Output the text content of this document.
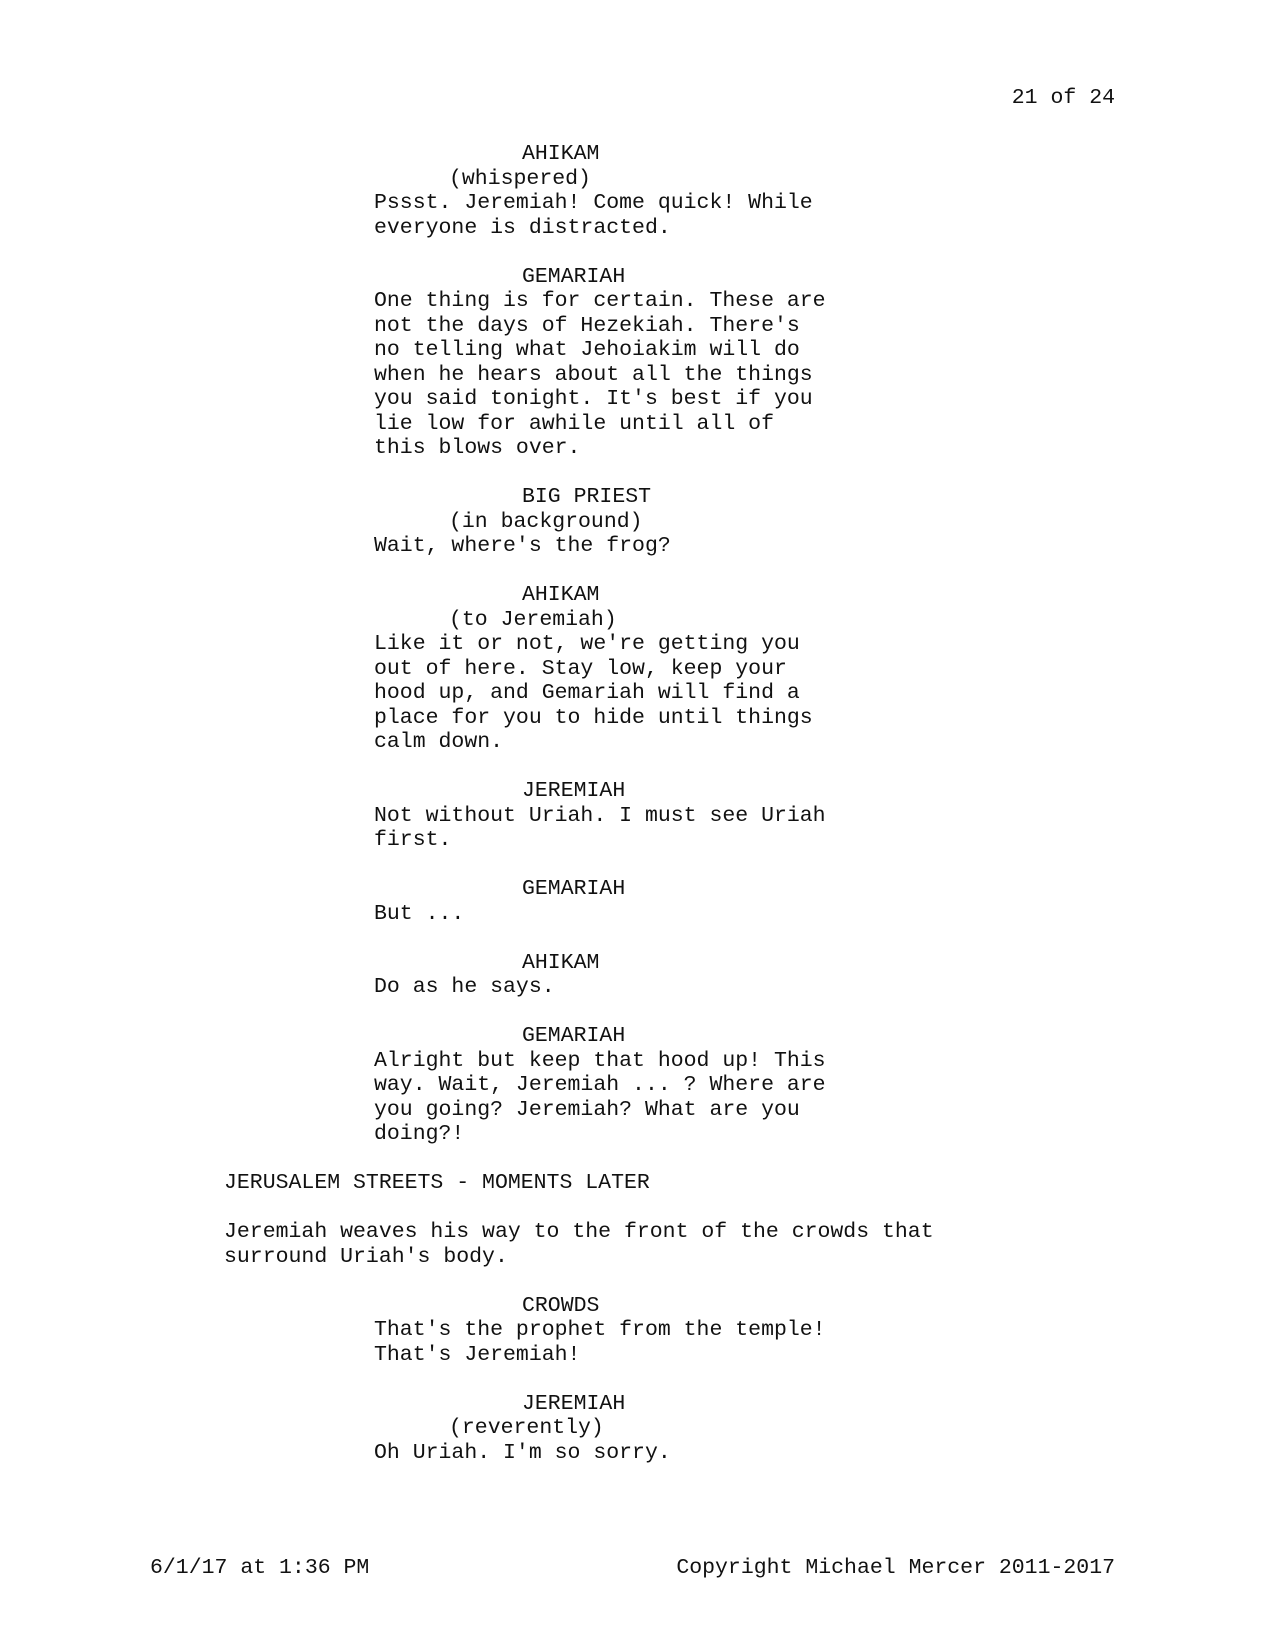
21 of 24
AHIKAM
(whispered)
Pssst. Jeremiah! Come quick! While
everyone is distracted.
GEMARIAH
One thing is for certain. These are
not the days of Hezekiah. There's
no telling what Jehoiakim will do
when he hears about all the things
you said tonight. It's best if you
lie low for awhile until all of
this blows over.
BIG PRIEST
(in background)
Wait, where's the frog?
AHIKAM
(to Jeremiah)
Like it or not, we're getting you
out of here. Stay low, keep your
hood up, and Gemariah will find a
place for you to hide until things
calm down.
JEREMIAH
Not without Uriah. I must see Uriah
first.
GEMARIAH
But ...
AHIKAM
Do as he says.
GEMARIAH
Alright but keep that hood up! This
way. Wait, Jeremiah ... ? Where are
you going? Jeremiah? What are you
doing?!
JERUSALEM STREETS - MOMENTS LATER
Jeremiah weaves his way to the front of the crowds that
surround Uriah's body.
CROWDS
That's the prophet from the temple!
That's Jeremiah!
JEREMIAH
(reverently)
Oh Uriah. I'm so sorry.
6/1/17 at 1:36 PM	Copyright Michael Mercer 2011-2017
